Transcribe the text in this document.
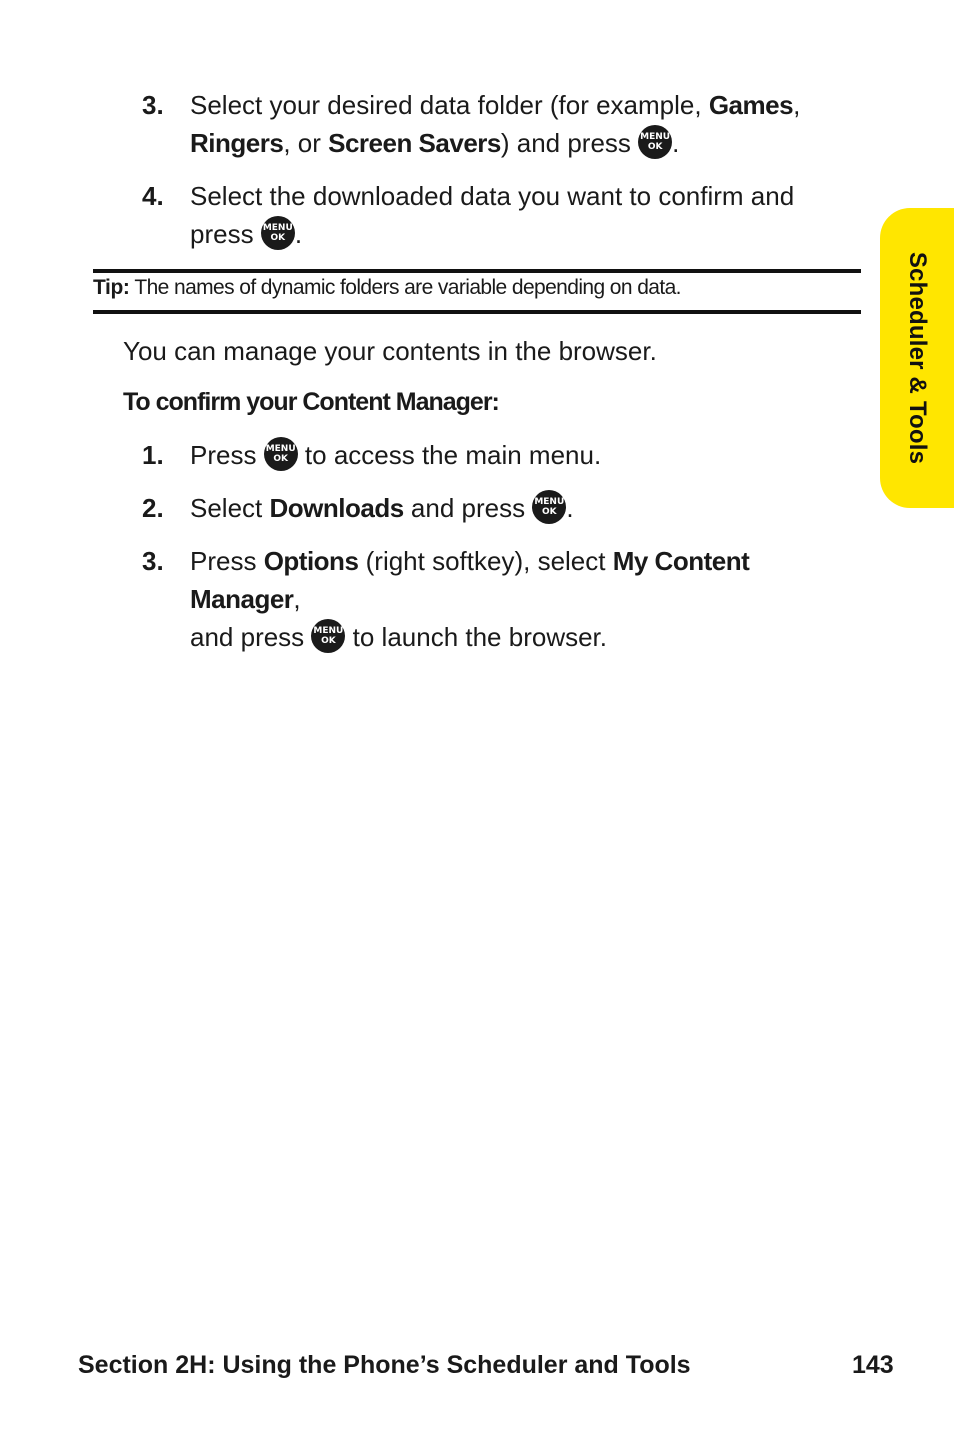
3. Select your desired data folder (for example, Games,
Ringers, or Screen Savers) and press MENU
OK .
4. Select the downloaded data you want to confirm and
press MENU
OK .
Tip: The names of dynamic folders are variable depending on data.
You can manage your contents in the browser.
To confirm your Content Manager:
1. Press MENU
OK to access the main menu.
2. Select Downloads and press MENU
OK .
3. Press Options (right softkey), select My Content Manager,
and press MENU
OK to launch the browser.
Scheduler & Tools
Section 2H: Using the Phone’s Scheduler and Tools	143
